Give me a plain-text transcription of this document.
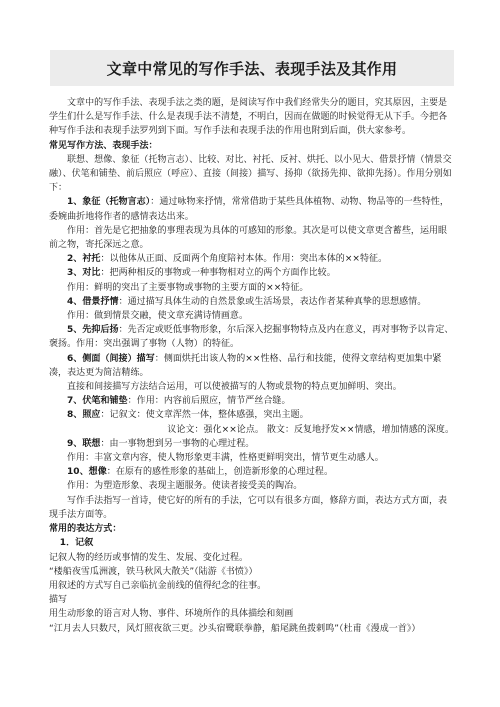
文章中常见的写作手法、表现手法及其作用

文章中的写作手法、表现手法之类的题，是阅读写作中我们经常失分的题目，究其原因，主要是学生们什么是写作手法、什么是表现手法不清楚，不明白，因而在做题的时候觉得无从下手。今把各种写作手法和表现手法罗列到下面。写作手法和表现手法的作用也附到后面，供大家参考。

常见写作方法、表现手法：

联想、想像、象征（托物言志）、比较、对比、衬托、反衬、烘托、以小见大、借景抒情（情景交融）、伏笔和铺垫、前后照应（呼应）、直接（间接）描写、扬抑（欲扬先抑、欲抑先扬）。作用分别如下：

1、象征（托物言志）：通过咏物来抒情，常常借助于某些具体植物、动物、物品等的一些特性，委婉曲折地将作者的感情表达出来。

作用：首先是它把抽象的事理表现为具体的可感知的形象。其次是可以使文章更含蓄些，运用眼前之物，寄托深远之意。

2、衬托：以他体从正面、反面两个角度陪衬本体。作用：突出本体的××特征。

3、对比：把两种相反的事物或一种事物相对立的两个方面作比较。

作用：鲜明的突出了主要事物或事物的主要方面的××特征。

4、借景抒情：通过描写具体生动的自然景象或生活场景，表达作者某种真挚的思想感情。

作用：做到情景交融，使文章充满诗情画意。

5、先抑后扬：先否定或贬低事物形象，尔后深入挖掘事物特点及内在意义，再对事物予以肯定、褒扬。作用：突出强调了事物（人物）的特征。

6、侧面（间接）描写：侧面烘托出该人物的××性格、品行和技能，使得文章结构更加集中紧凑，表达更为简洁精练。

直接和间接描写方法结合运用，可以使被描写的人物或景物的特点更加鲜明、突出。

7、伏笔和铺垫：作用：内容前后照应，情节严丝合缝。

8、照应：记叙文：使文章浑然一体，整体感强，突出主题。

议论文：强化××论点。 散文：反复地抒发××情感，增加情感的深度。

9、联想：由一事物想到另一事物的心理过程。

作用：丰富文章内容，使人物形象更丰满，性格更鲜明突出，情节更生动感人。

10、想像：在原有的感性形象的基础上，创造新形象的心理过程。

作用：为塑造形象、表现主题服务。使读者接受美的陶冶。

写作手法指写一首诗，使它好的所有的手法，它可以有很多方面，修辞方面，表达方式方面，表现手法方面等。

常用的表达方式：

1．记叙

记叙人物的经历或事情的发生、发展、变化过程。

“楼船夜雪瓜洲渡，铁马秋风大散关”（陆游《书愤》）

用叙述的方式写自己亲临抗金前线的值得纪念的往事。

描写

用生动形象的语言对人物、事件、环境所作的具体描绘和刻画

“江月去人只数尺，风灯照夜欲三更。沙头宿鹭联拳静，船尾跳鱼拨剌鸣”（杜甫《漫成一首》）
